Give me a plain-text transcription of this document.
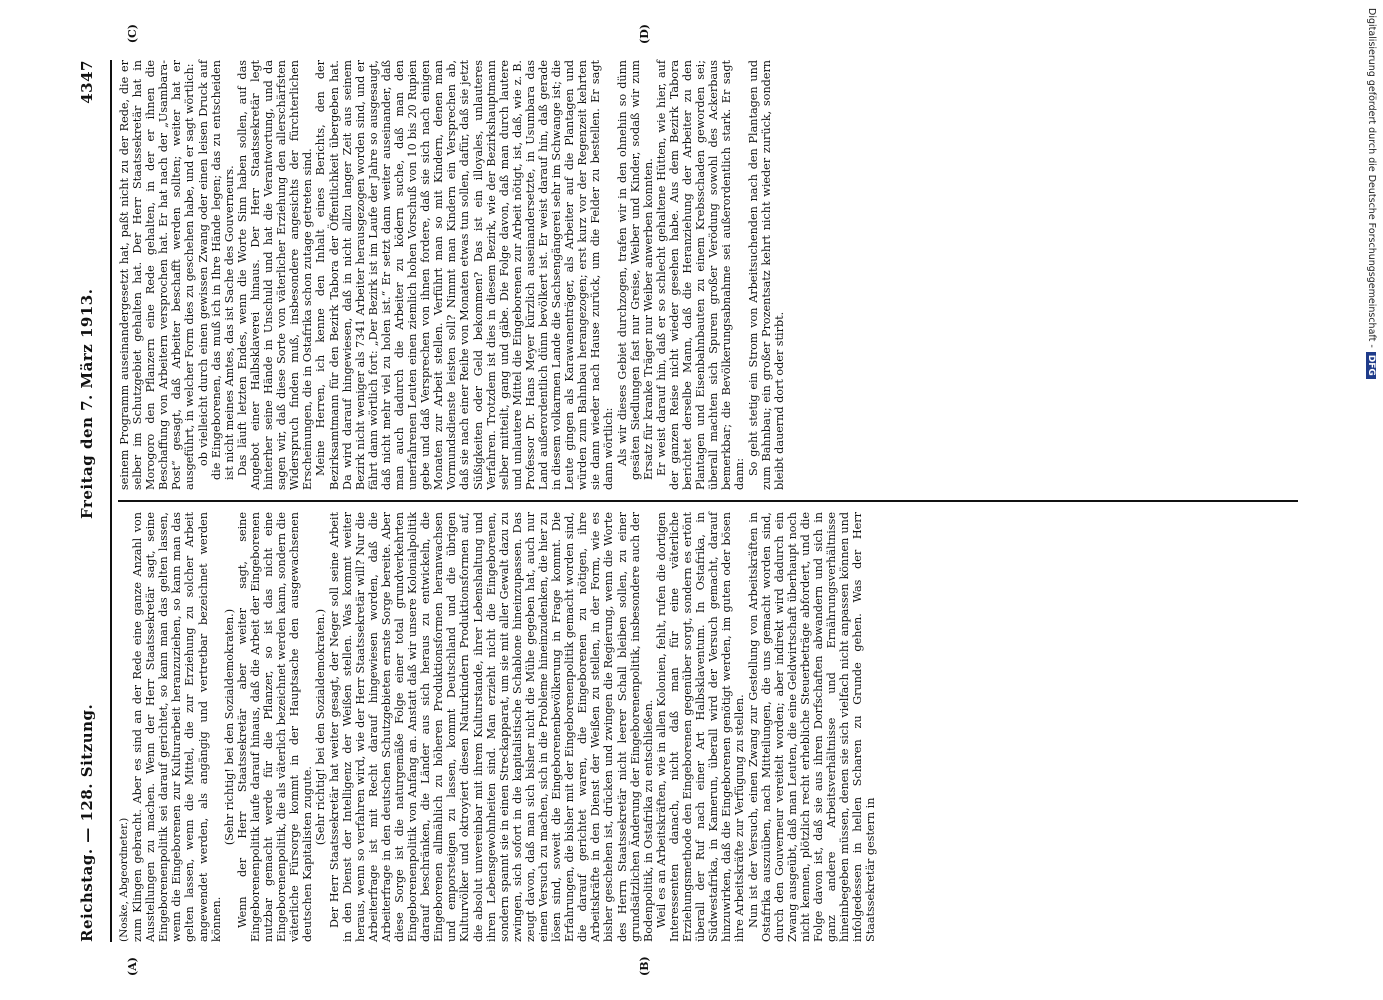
Reichstag. — 128. Sitzung.
Freitag den 7. März 1913.
4347
(A)	(B)

(Noske, Abgeordneter.) zum Klingen gebracht. Aber es sind an der Rede eine ganze Anzahl von Ausstellungen zu machen. Wenn der Herr Staatssekretär sagt, seine Eingeborenenpolitik sei darauf gerichtet, so kann man das gelten lassen, wenn die Eingeborenen zur Kulturarbeit heranzuziehen, so kann man das gelten lassen, wenn die Mittel, die zur Erziehung zu solcher Arbeit angewendet werden, als angängig und vertretbar bezeichnet werden können.

(Sehr richtig! bei den Sozialdemokraten.) Wenn der Herr Staatssekretär aber weiter sagt, seine Eingeborenenpolitik laufe darauf hinaus, daß die Arbeit der Eingeborenen nutzbar gemacht werde für die Pflanzer, so ist das nicht eine Eingeborenenpolitik, die als väterlich bezeichnet werden kann, sondern die väterliche Fürsorge kommt in der Hauptsache den ausgewachsenen deutschen Kapitalisten zugute.

(Sehr richtig! bei den Sozialdemokraten.) Der Herr Staatssekretär hat weiter gesagt, der Neger soll seine Arbeit in den Dienst der Intelligenz der Weißen stellen. Was kommt weiter heraus, wenn so verfahren wird, wie der Herr Staatssekretär will? Nur die Arbeiterfrage ist mit Recht darauf hingewiesen worden, daß die Arbeiterfrage in den deutschen Schutzgebieten ernste Sorge bereite. Aber diese Sorge ist die naturgemäße Folge einer total grundverkehrten Eingeborenenpolitik von Anfang an. Anstatt daß wir unsere Kolonialpolitik darauf beschränken, die Länder aus sich heraus zu entwickeln, die Eingeborenen allmählich zu höheren Produktionsformen heranwachsen und emporsteigen zu lassen, kommt Deutschland und die übrigen Kulturvölker und oktroyiert diesen Naturkindern Produktionsformen auf, die absolut unvereinbar mit ihrem Kulturstande, ihrer Lebenshaltung und ihren Lebensgewohnheiten sind. Man erzieht nicht die Eingeborenen, sondern spannt sie in einen Streckapparat, um sie mit aller Gewalt dazu zu zwingen, sich sofort in die kapitalistische Schablone hineinzupassen. Das zeugt davon, daß man sich bisher nicht die Mühe gegeben hat, auch nur einen Versuch zu machen, sich in die Probleme hineinzudenken, die hier zu lösen sind, soweit die Eingeborenenbevölkerung in Frage kommt. Die Erfahrungen, die bisher mit der Eingeborenenpolitik gemacht worden sind, die darauf gerichtet waren, die Eingeborenen zu nötigen, ihre Arbeitskräfte in den Dienst der Weißen zu stellen, in der Form, wie es bisher geschehen ist, drücken und zwingen die Regierung, wenn die Worte des Herrn Staatssekretär nicht leerer Schall bleiben sollen, zu einer grundsätzlichen Änderung der Eingeborenenpolitik, insbesondere auch der Bodenpolitik, in Ostafrika zu entschließen. Weil es an Arbeitskräften, wie in allen Kolonien, fehlt, rufen die dortigen Interessenten danach, nicht daß man für eine väterliche Erziehungsmethode den Eingeborenen gegenüber sorgt, sondern es ertönt überall der Ruf nach einer Art Halbsklaventum. In Ostafrika, in Südwestafrika, in Kamerun, überall wird der Versuch gemacht, darauf hinzuwirken, daß die Eingeborenen genötigt werden, im guten oder bösen ihre Arbeitskräfte zur Verfügung zu stellen. Nun ist der Versuch, einen Zwang zur Gestellung von Arbeitskräften in Ostafrika auszuüben, nach Mitteilungen, die uns gemacht worden sind, durch den Gouverneur vereitelt worden; aber indirekt wird dadurch ein Zwang ausgeübt, daß man Leuten, die eine Geldwirtschaft überhaupt noch nicht kennen, plötzlich recht erhebliche Steuerbeträge abfordert, und die Folge davon ist, daß sie aus ihren Dorfschaften abwandern und sich in ganz andere Arbeitsverhältnisse und Ernährungsverhältnisse hineinbegeben müssen, denen sie sich vielfach nicht anpassen können und infolgedessen in hellen Scharen zu Grunde gehen. Was der Herr Staatssekretär gestern in

(C)	(D)

seinem Programm auseinandergesetzt hat, paßt nicht zu der Rede, die er selber im Schutzgebiet gehalten hat. Der Herr Staatssekretär hat in Morogoro den Pflanzern eine Rede gehalten, in der er ihnen die Beschaffung von Arbeitern versprochen hat. Er hat nach der „Usambara-Post“ gesagt, daß Arbeiter beschafft werden sollten; weiter hat er ausgeführt, in welcher Form dies zu geschehen habe, und er sagt wörtlich: ob vielleicht durch einen gewissen Zwang oder einen leisen Druck auf die Eingeborenen, das muß ich in Ihre Hände legen; das zu entscheiden ist nicht meines Amtes, das ist Sache des Gouverneurs. Das läuft letzten Endes, wenn die Worte Sinn haben sollen, auf das Angebot einer Halbsklaverei hinaus. Der Herr Staatssekretär legt hinterher seine Hände in Unschuld und hat die Verantwortung, und da sagen wir, daß diese Sorte von väterlicher Erziehung den allerschärfsten Widerspruch finden muß, insbesondere angesichts der fürchterlichen Erscheinungen, die in Ostafrika schon zutage getreten sind. Meine Herren, ich kenne den Inhalt eines Berichts, den der Bezirksamtmann für den Bezirk Tabora der Öffentlichkeit übergeben hat. Da wird darauf hingewiesen, daß in nicht allzu langer Zeit aus seinem Bezirk nicht weniger als 7341 Arbeiter herausgezogen worden sind, und er fährt dann wörtlich fort: „Der Bezirk ist im Laufe der Jahre so ausgesaugt, daß nicht mehr viel zu holen ist.“ Er setzt dann weiter auseinander, daß man auch dadurch die Arbeiter zu ködern suche, daß man den unerfahrenen Leuten einen ziemlich hohen Vorschuß von 10 bis 20 Rupien gebe und daß Versprechen von ihnen fordere, daß sie sich nach einigen Monaten zur Arbeit stellen. Verführt man so mit Kindern, denen man Vormundsdienste leisten soll? Nimmt man Kindern ein Versprechen ab, daß sie nach einer Reihe von Monaten etwas tun sollen, dafür, daß sie jetzt Süßigkeiten oder Geld bekommen? Das ist ein illoyales, unlauteres Verfahren. Trotzdem ist dies in diesem Bezirk, wie der Bezirkshauptmann selber mitteilt, gang und gäbe. Die Folge davon, daß man durch lautere und unlautere Mittel die Eingeborenen zur Arbeit nötigt, ist, daß, wie z. B. Professor Dr. Hans Meyer kürzlich auseinandersetzte, in Usumbara das Land außerordentlich dünn bevölkert ist. Er weist darauf hin, daß gerade in diesem volkarmen Lande die Sachsengängerei sehr im Schwange ist; die Leute gingen als Karawanenträger, als Arbeiter auf die Plantagen und würden zum Bahnbau herangezogen; erst kurz vor der Regenzeit kehrten sie dann wieder nach Hause zurück, um die Felder zu bestellen. Er sagt dann wörtlich: Als wir dieses Gebiet durchzogen, trafen wir in den ohnehin so dünn gesäten Siedlungen fast nur Greise, Weiber und Kinder, sodaß wir zum Ersatz für kranke Träger nur Weiber anwerben konnten. Er weist darauf hin, daß er so schlecht gehaltene Hütten, wie hier, auf der ganzen Reise nicht wieder gesehen habe. Aus dem Bezirk Tabora berichtet derselbe Mann, daß die Heranziehung der Arbeiter zu den Plantagen und Eisenbahnbauten zu einem Krebsschaden geworden sei; überall machten sich Spuren großer Verödung sowohl des Ackerbaus bemerkbar; die Bevölkerungsabnahme sei außerordentlich stark. Er sagt dann: So geht stetig ein Strom von Arbeitsuchenden nach den Plantagen und zum Bahnbau; ein großer Prozentsatz kehrt nicht wieder zurück, sondern bleibt dauernd dort oder stirbt.

Digitalisierung gefördert durch die Deutsche Forschungsgemeinschaft -DFG
